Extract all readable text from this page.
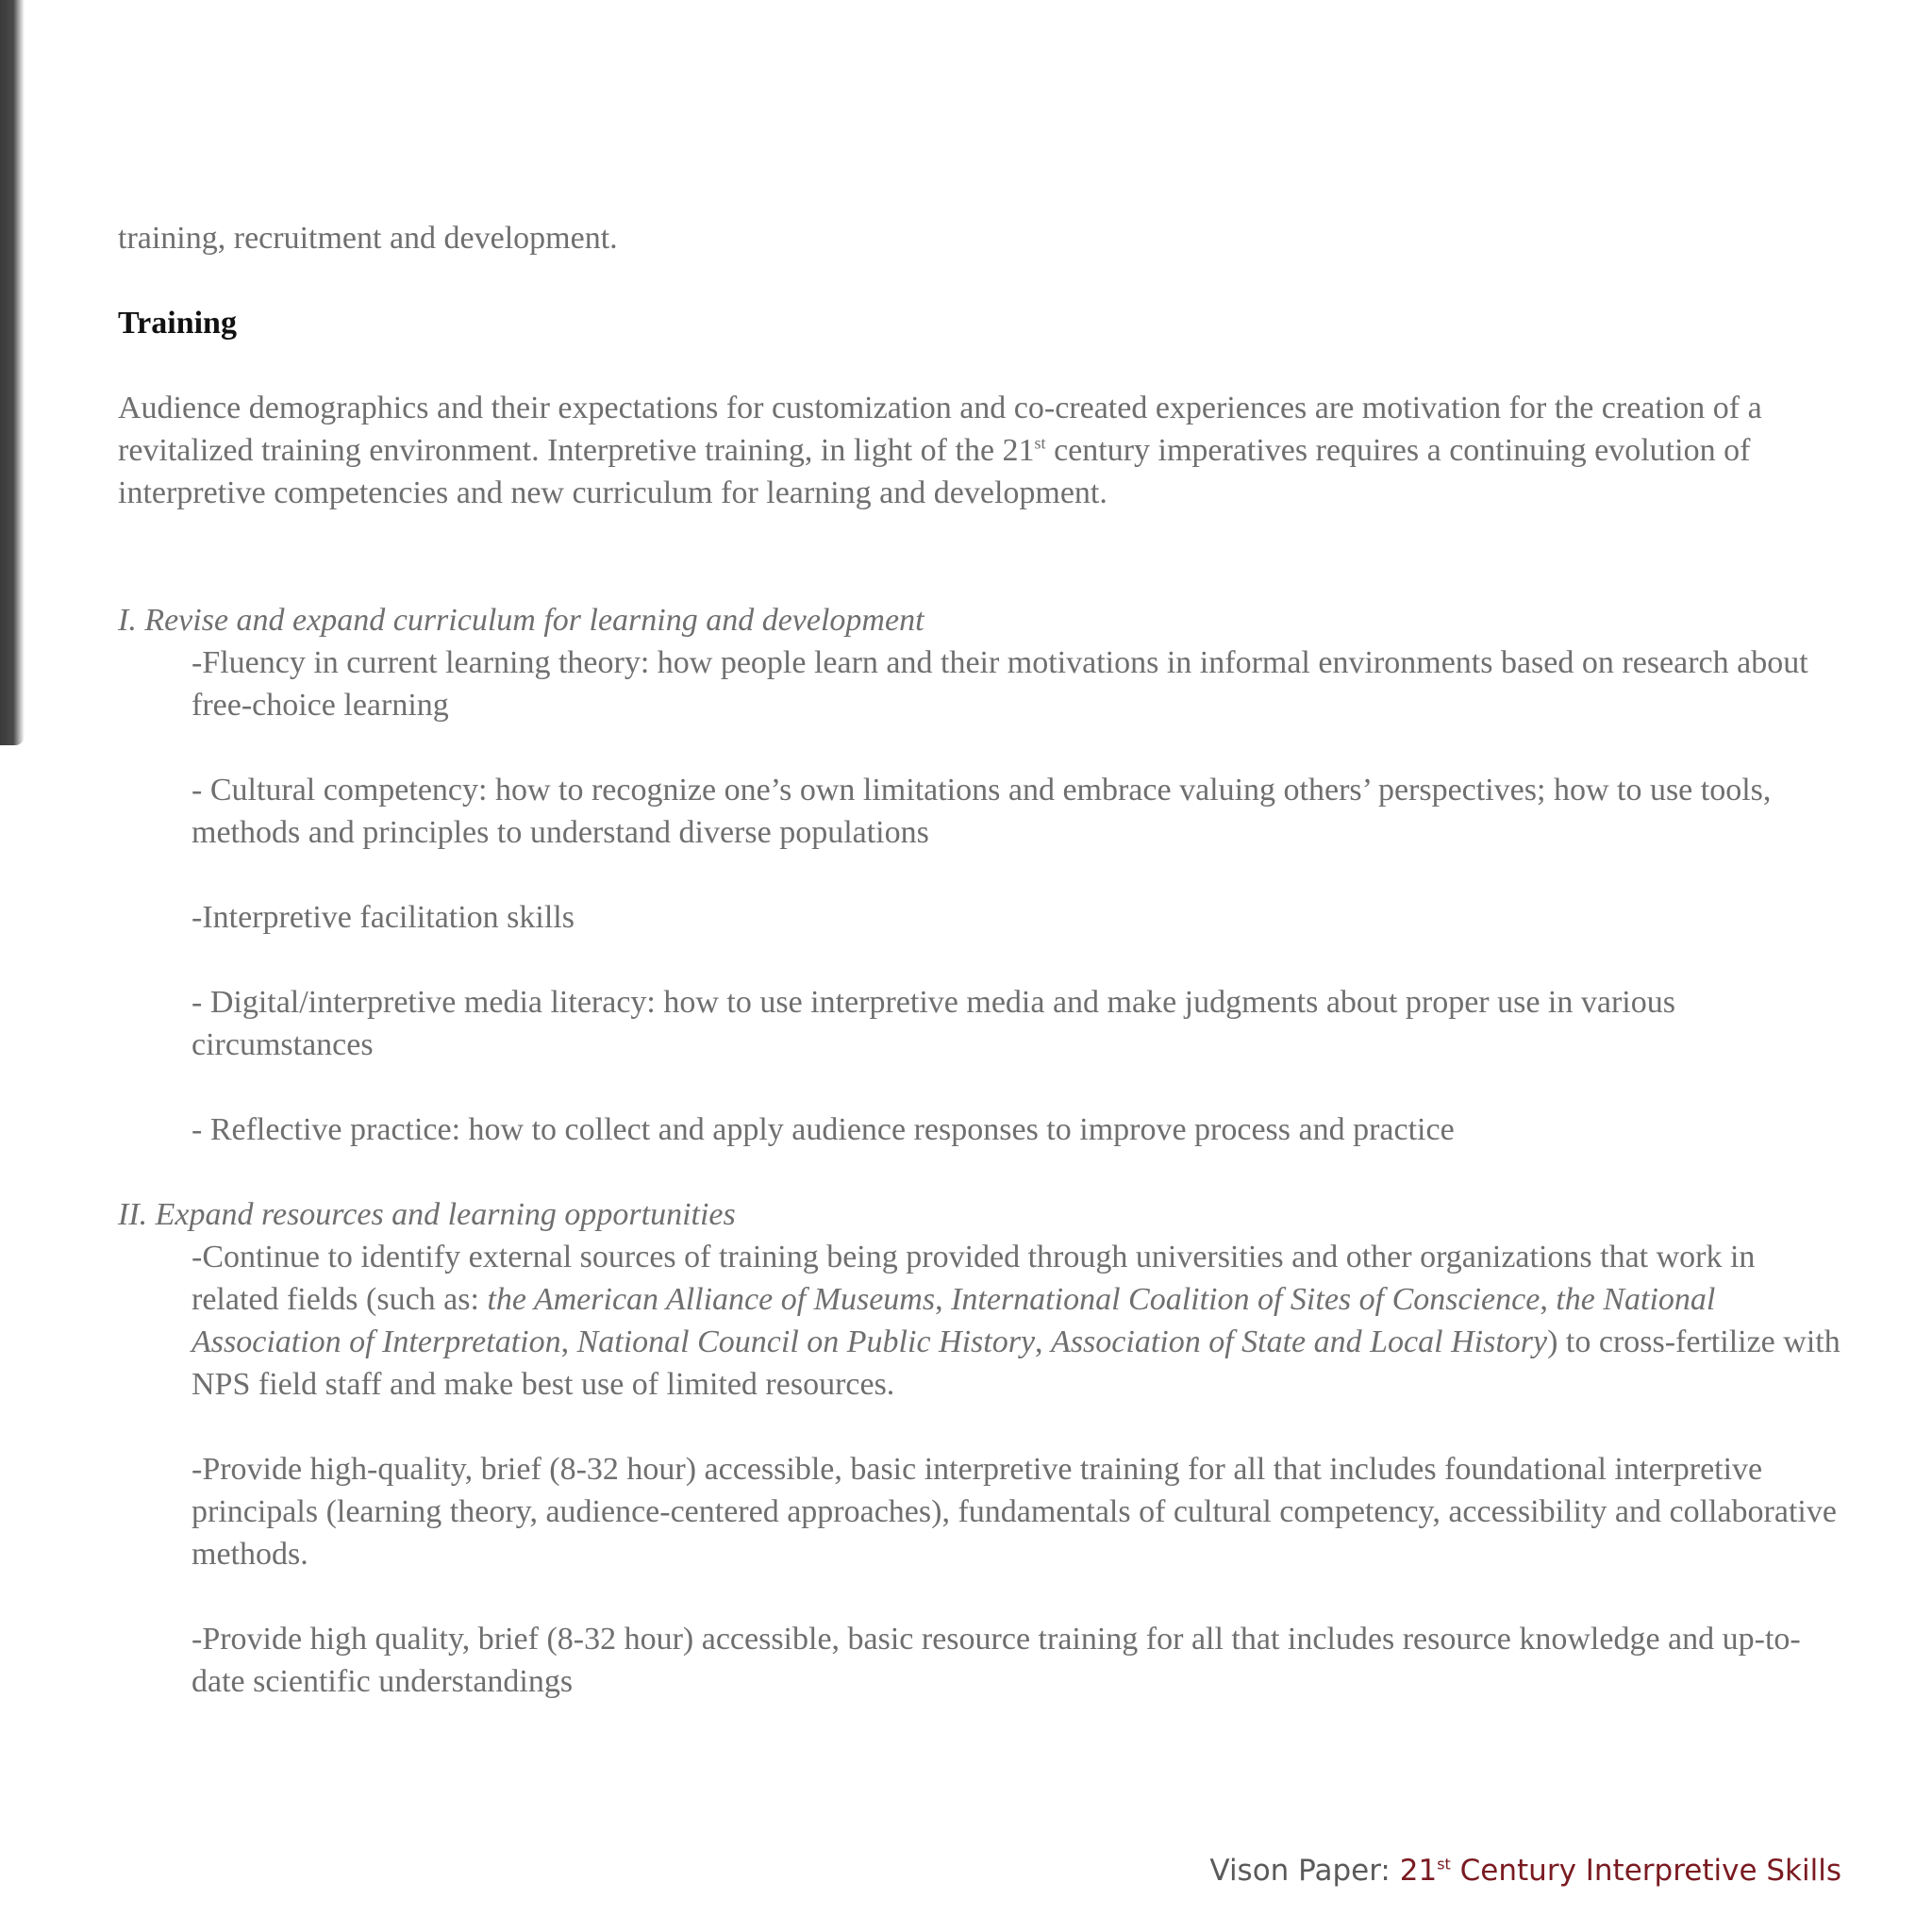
training, recruitment and development.

Training

Audience demographics and their expectations for customization and co-created experiences are motivation for the creation of a revitalized training environment. Interpretive training, in light of the 21st century imperatives requires a continuing evolution of interpretive competencies and new curriculum for learning and development.

I. Revise and expand curriculum for learning and development

-Fluency in current learning theory: how people learn and their motivations in informal environments based on research about free-choice learning

- Cultural competency: how to recognize one’s own limitations and embrace valuing others’ perspectives; how to use tools, methods and principles to understand diverse populations

-Interpretive facilitation skills

- Digital/interpretive media literacy: how to use interpretive media and make judgments about proper use in various circumstances

- Reflective practice: how to collect and apply audience responses to improve process and practice

II. Expand resources and learning opportunities

-Continue to identify external sources of training being provided through universities and other organizations that work in related fields (such as: the American Alliance of Museums, International Coalition of Sites of Conscience, the National Association of Interpretation, National Council on Public History, Association of State and Local History) to cross-fertilize with NPS field staff and make best use of limited resources.

-Provide high-quality, brief (8-32 hour) accessible, basic interpretive training for all that includes foundational interpretive principals (learning theory, audience-centered approaches), fundamentals of cultural competency, accessibility and collaborative methods.

-Provide high quality, brief (8-32 hour) accessible, basic resource training for all that includes resource knowledge and up-to-date scientific understandings

Vison Paper: 21st Century Interpretive Skills
